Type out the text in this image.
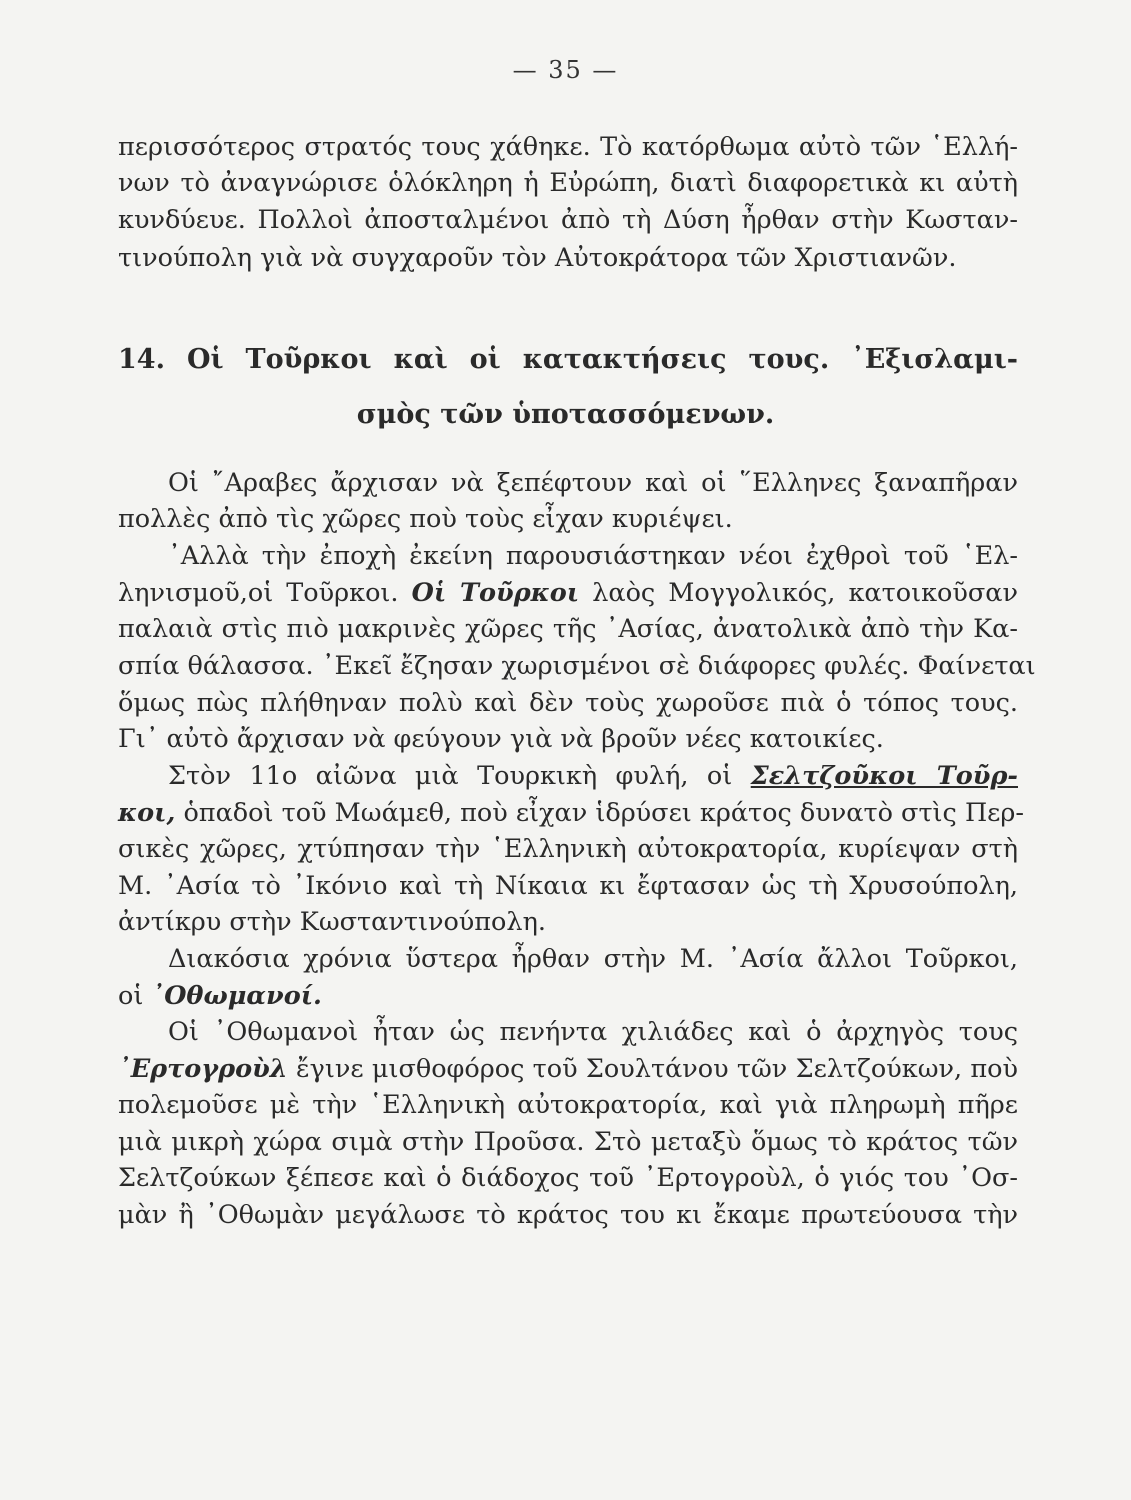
— 35 —
περισσότερος στρατός τους χάθηκε. Τὸ κατόρθωμα αὐτὸ τῶν ῾Ελλή-
νων τὸ ἀναγνώρισε ὁλόκληρη ἡ Εὐρώπη, διατὶ διαφορετικὰ κι αὐτὴ
κυνδύευε. Πολλοὶ ἀποσταλμένοι ἀπὸ τὴ Δύση ἦρθαν στὴν Κωσταν-
τινούπολη γιὰ νὰ συγχαροῦν τὸν Αὐτοκράτορα τῶν Χριστιανῶν.
14. Οἱ Τοῦρκοι καὶ οἱ κατακτήσεις τους. ᾿Εξισλαμι-
σμὸς τῶν ὑποτασσόμενων.
Οἱ ῎Αραβες ἄρχισαν νὰ ξεπέφτουν καὶ οἱ ῞Ελληνες ξαναπῆραν
πολλὲς ἀπὸ τὶς χῶρες ποὺ τοὺς εἶχαν κυριέψει.
᾿Αλλὰ τὴν ἐποχὴ ἐκείνη παρουσιάστηκαν νέοι ἐχθροὶ τοῦ ῾Ελ-
ληνισμοῦ,οἱ Τοῦρκοι. Οἱ Τοῦρκοι λαὸς Μογγολικός, κατοικοῦσαν
παλαιὰ στὶς πιὸ μακρινὲς χῶρες τῆς ᾿Ασίας, ἀνατολικὰ ἀπὸ τὴν Κα-
σπία θάλασσα. ᾿Εκεῖ ἔζησαν χωρισμένοι σὲ διάφορες φυλές. Φαίνεται
ὅμως πὼς πλήθηναν πολὺ καὶ δὲν τοὺς χωροῦσε πιὰ ὁ τόπος τους.
Γι᾿ αὐτὸ ἄρχισαν νὰ φεύγουν γιὰ νὰ βροῦν νέες κατοικίες.
Στὸν 11ο αἰῶνα μιὰ Τουρκικὴ φυλή, οἱ Σελτζοῦκοι Τοῦρ-
κοι, ὁπαδοὶ τοῦ Μωάμεθ, ποὺ εἶχαν ἱδρύσει κράτος δυνατὸ στὶς Περ-
σικὲς χῶρες, χτύπησαν τὴν ῾Ελληνικὴ αὐτοκρατορία, κυρίεψαν στὴ
Μ. ᾿Ασία τὸ ᾿Ικόνιο καὶ τὴ Νίκαια κι ἔφτασαν ὡς τὴ Χρυσούπολη,
ἀντίκρυ στὴν Κωσταντινούπολη.
Διακόσια χρόνια ὕστερα ἦρθαν στὴν Μ. ᾿Ασία ἄλλοι Τοῦρκοι,
οἱ ᾿Οθωμανοί.
Οἱ ᾿Οθωμανοὶ ἦταν ὡς πενήντα χιλιάδες καὶ ὁ ἀρχηγὸς τους
᾿Ερτογροὺλ ἔγινε μισθοφόρος τοῦ Σουλτάνου τῶν Σελτζούκων, ποὺ
πολεμοῦσε μὲ τὴν ῾Ελληνικὴ αὐτοκρατορία, καὶ γιὰ πληρωμὴ πῆρε
μιὰ μικρὴ χώρα σιμὰ στὴν Προῦσα. Στὸ μεταξὺ ὅμως τὸ κράτος τῶν
Σελτζούκων ξέπεσε καὶ ὁ διάδοχος τοῦ ᾿Ερτογροὺλ, ὁ γιός του ᾿Οσ-
μὰν ἢ ᾿Οθωμὰν μεγάλωσε τὸ κράτος του κι ἔκαμε πρωτεύουσα τὴν
